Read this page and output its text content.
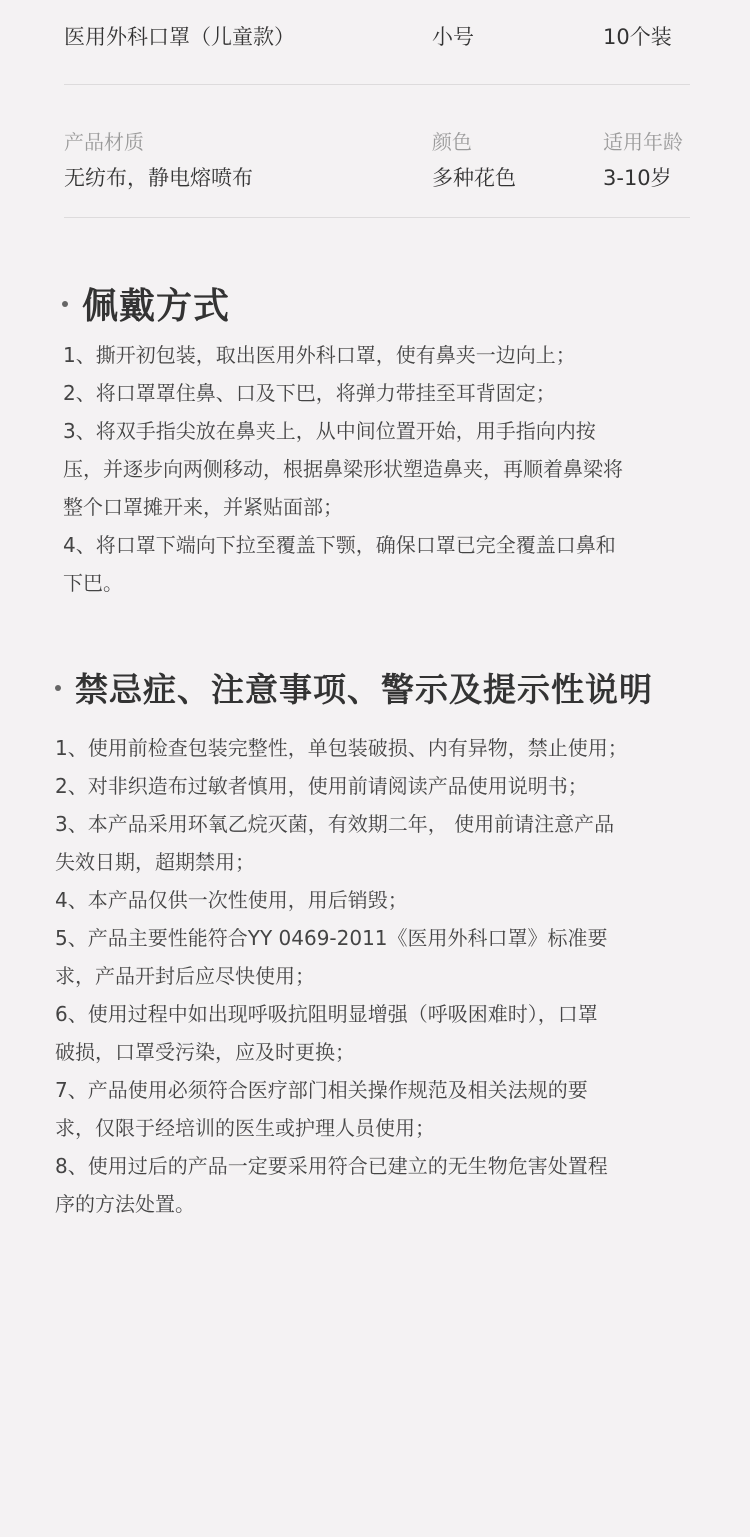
医用外科口罩（儿童款）	小号	10个装
产品材质	颜色	适用年龄
无纺布，静电熔喷布	多种花色	3-10岁
佩戴方式
1、撕开初包装，取出医用外科口罩，使有鼻夹一边向上；
2、将口罩罩住鼻、口及下巴，将弹力带挂至耳背固定；
3、将双手指尖放在鼻夹上，从中间位置开始，用手指向内按
压，并逐步向两侧移动，根据鼻梁形状塑造鼻夹，再顺着鼻梁将
整个口罩摊开来，并紧贴面部；
4、将口罩下端向下拉至覆盖下颚，确保口罩已完全覆盖口鼻和
下巴。
禁忌症、注意事项、警示及提示性说明
1、使用前检查包装完整性，单包装破损、内有异物，禁止使用；
2、对非织造布过敏者慎用，使用前请阅读产品使用说明书；
3、本产品采用环氧乙烷灭菌，有效期二年， 使用前请注意产品
失效日期，超期禁用；
4、本产品仅供一次性使用，用后销毁；
5、产品主要性能符合YY 0469-2011《医用外科口罩》标准要
求，产品开封后应尽快使用；
6、使用过程中如出现呼吸抗阻明显增强（呼吸困难时），口罩
破损，口罩受污染，应及时更换；
7、产品使用必须符合医疗部门相关操作规范及相关法规的要
求，仅限于经培训的医生或护理人员使用；
8、使用过后的产品一定要采用符合已建立的无生物危害处置程
序的方法处置。
